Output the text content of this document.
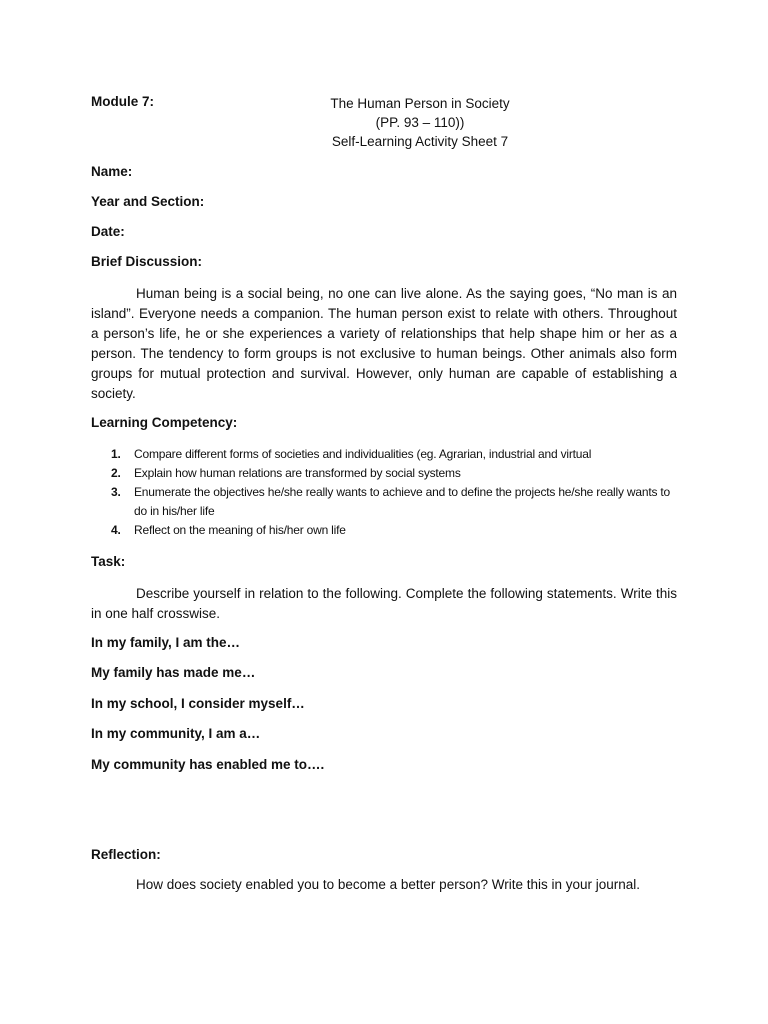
Module 7:	The Human Person in Society
(PP. 93 – 110))
Self-Learning Activity Sheet 7
Name:
Year and Section:
Date:
Brief Discussion:

Human being is a social being, no one can live alone. As the saying goes, “No man is an island”. Everyone needs a companion. The human person exist to relate with others. Throughout a person’s life, he or she experiences a variety of relationships that help shape him or her as a person. The tendency to form groups is not exclusive to human beings. Other animals also form groups for mutual protection and survival. However, only human are capable of establishing a society.

Learning Competency:
1. Compare different forms of societies and individualities (eg. Agrarian, industrial and virtual
2. Explain how human relations are transformed by social systems
3. Enumerate the objectives he/she really wants to achieve and to define the projects he/she really wants to do in his/her life
4. Reflect on the meaning of his/her own life
Task:

Describe yourself in relation to the following. Complete the following statements. Write this in one half crosswise.

In my family, I am the…
My family has made me…
In my school, I consider myself…
In my community, I am a…
My community has enabled me to….
Reflection:
How does society enabled you to become a better person? Write this in your journal.
